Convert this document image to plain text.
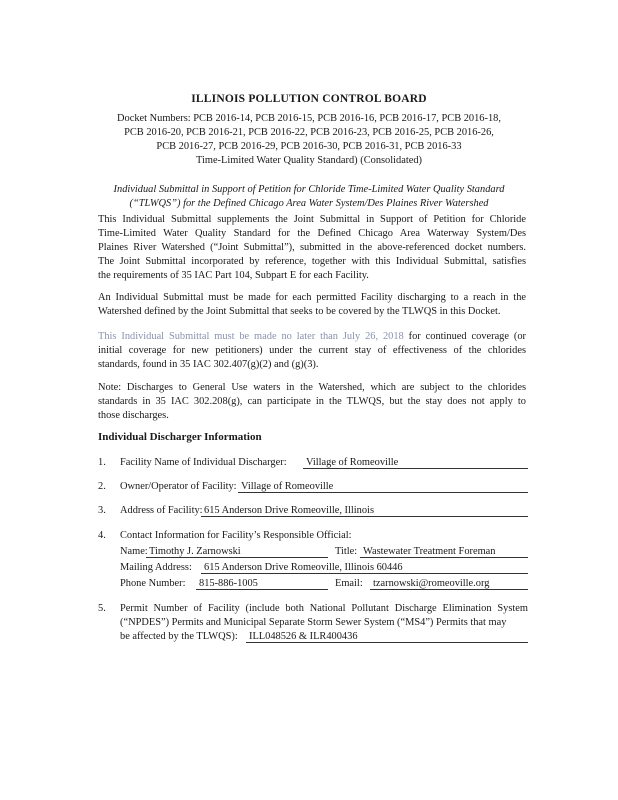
ILLINOIS POLLUTION CONTROL BOARD
Docket Numbers: PCB 2016-14, PCB 2016-15, PCB 2016-16, PCB 2016-17, PCB 2016-18,
PCB 2016-20, PCB 2016-21, PCB 2016-22, PCB 2016-23, PCB 2016-25, PCB 2016-26,
PCB 2016-27, PCB 2016-29, PCB 2016-30, PCB 2016-31, PCB 2016-33
Time-Limited Water Quality Standard) (Consolidated)
Individual Submittal in Support of Petition for Chloride Time-Limited Water Quality Standard
(“TLWQS”) for the Defined Chicago Area Water System/Des Plaines River Watershed
This Individual Submittal supplements the Joint Submittal in Support of Petition for Chloride
Time-Limited Water Quality Standard for the Defined Chicago Area Waterway System/Des
Plaines River Watershed (“Joint Submittal”), submitted in the above-referenced docket numbers.
The Joint Submittal incorporated by reference, together with this Individual Submittal, satisfies
the requirements of 35 IAC Part 104, Subpart E for each Facility.
An Individual Submittal must be made for each permitted Facility discharging to a reach in the
Watershed defined by the Joint Submittal that seeks to be covered by the TLWQS in this Docket.
This Individual Submittal must be made no later than July 26, 2018 for continued coverage (or
initial coverage for new petitioners) under the current stay of effectiveness of the chlorides
standards, found in 35 IAC 302.407(g)(2) and (g)(3).
Note: Discharges to General Use waters in the Watershed, which are subject to the chlorides
standards in 35 IAC 302.208(g), can participate in the TLWQS, but the stay does not apply to
those discharges.
Individual Discharger Information
1. Facility Name of Individual Discharger: Village of Romeoville
2. Owner/Operator of Facility: Village of Romeoville
3. Address of Facility: 615 Anderson Drive Romeoville, Illinois
4. Contact Information for Facility’s Responsible Official:
Name: Timothy J. Zarnowski	Title: Wastewater Treatment Foreman
Mailing Address: 615 Anderson Drive Romeoville, Illinois 60446
Phone Number: 815-886-1005	Email: tzarnowski@romeoville.org
5. Permit Number of Facility (include both National Pollutant Discharge Elimination System
(“NPDES”) Permits and Municipal Separate Storm Sewer System (“MS4”) Permits that may
be affected by the TLWQS): ILL048526 & ILR400436
